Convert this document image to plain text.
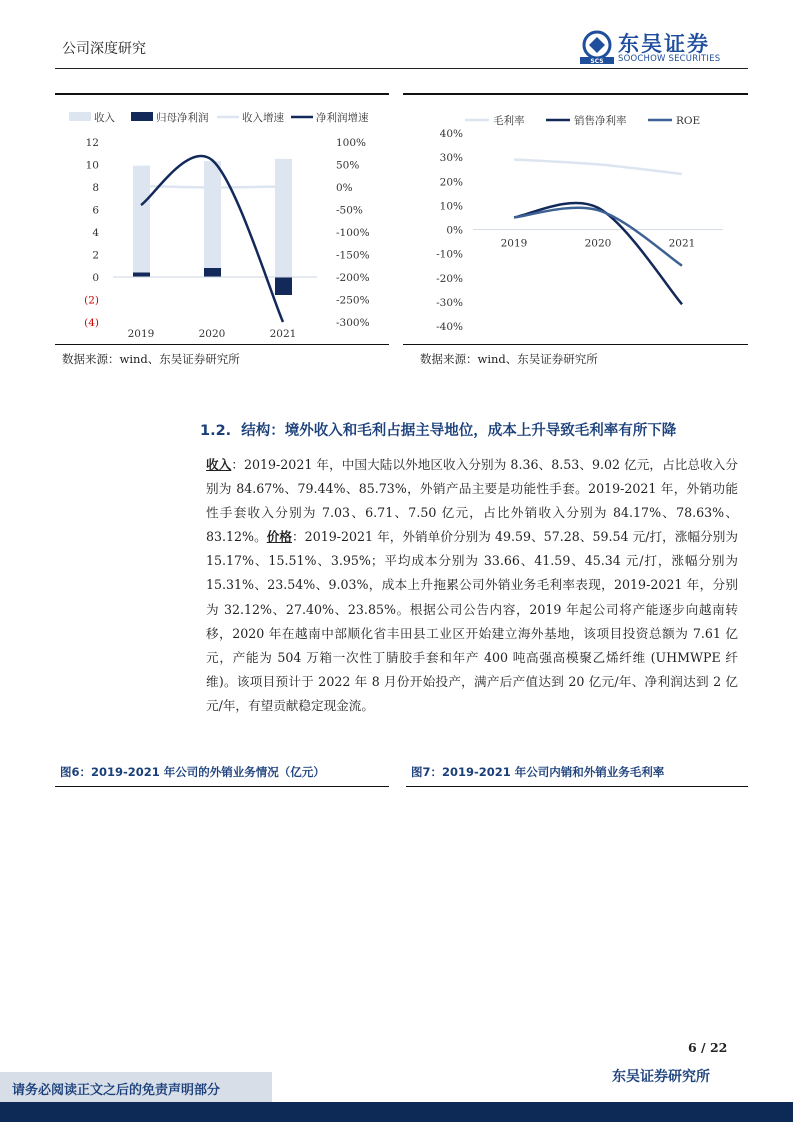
公司深度研究
SCS
东吴证券
SOOCHOW SECURITIES
收入	归母净利润	收入增速	净利润增速
12
10
8
6
4
2
0
(2)
(4)
100%
50%
0%
-50%
-100%
-150%
-200%
-250%
-300%
2019	2020	2021
数据来源：wind、东吴证券研究所
毛利率	销售净利率	ROE
40%
30%
20%
10%
0%
-10%
-20%
-30%
-40%
2019	2020	2021
数据来源：wind、东吴证券研究所
1.2. 结构：境外收入和毛利占据主导地位，成本上升导致毛利率有所下降
收入：2019-2021 年，中国大陆以外地区收入分别为 8.36、8.53、9.02 亿元，占比总收入分别为 84.67%、79.44%、85.73%，外销产品主要是功能性手套。2019-2021 年，外销功能性手套收入分别为 7.03、6.71、7.50 亿元，占比外销收入分别为 84.17%、78.63%、83.12%。价格：2019-2021 年，外销单价分别为 49.59、57.28、59.54 元/打，涨幅分别为 15.17%、15.51%、3.95%；平均成本分别为 33.66、41.59、45.34 元/打，涨幅分别为 15.31%、23.54%、9.03%，成本上升拖累公司外销业务毛利率表现，2019-2021 年，分别为 32.12%、27.40%、23.85%。根据公司公告内容，2019 年起公司将产能逐步向越南转移，2020 年在越南中部顺化省丰田县工业区开始建立海外基地，该项目投资总额为 7.61 亿元，产能为 504 万箱一次性丁腈胶手套和年产 400 吨高强高模聚乙烯纤维 (UHMWPE 纤维)。该项目预计于 2022 年 8 月份开始投产，满产后产值达到 20 亿元/年、净利润达到 2 亿元/年，有望贡献稳定现金流。
图6：2019-2021 年公司的外销业务情况（亿元）	图7：2019-2021 年公司内销和外销业务毛利率
6 / 22
东吴证券研究所
请务必阅读正文之后的免责声明部分
